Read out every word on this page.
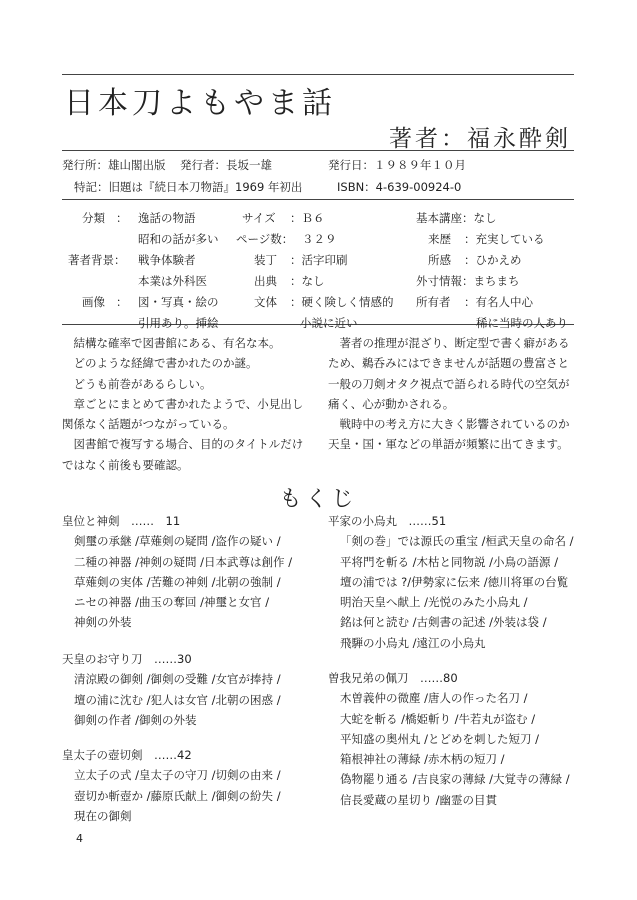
日本刀よもやま話
著者：福永酔剣
発行所：雄山閣出版 発行者：長坂一雄	発行日：１９８９年１０月
特記：旧題は『続日本刀物語』1969 年初出	ISBN：4-639-00924-0
分類 ： 逸話の物語
昭和の話が多い
著者背景： 戦争体験者
本業は外科医
画像 ： 図・写真・絵の
引用あり。挿絵
サイズ ：Ｂ６
ページ数： ３２９
装丁 ：活字印刷
出典 ：なし
文体 ：硬く険しく情感的
小説に近い
基本講座：なし
来歴 ：充実している
所感 ：ひかえめ
外寸情報：まちまち
所有者 ：有名人中心
稀に当時の人あり

結構な確率で図書館にある、有名な本。

どのような経緯で書かれたのか謎。

どうも前巻があるらしい。

章ごとにまとめて書かれたようで、小見出し

関係なく話題がつながっている。

図書館で複写する場合、目的のタイトルだけ

ではなく前後も要確認。

著者の推理が混ざり、断定型で書く癖がある

ため、鵜呑みにはできませんが話題の豊富さと

一般の刀剣オタク視点で語られる時代の空気が

痛く、心が動かされる。

戦時中の考え方に大きく影響されているのか

天皇・国・軍などの単語が頻繁に出てきます。

もくじ
皇位と神剣　……　11
剣璽の承継 /草薙剣の疑問 /盗作の疑い /
二種の神器 /神剣の疑問 /日本武尊は創作 /
草薙剣の実体 /苦難の神剣 /北朝の強制 /
ニセの神器 /曲玉の奪回 /神璽と女官 /
神剣の外装
天皇のお守り刀　……30
清涼殿の御剣 /御剣の受難 /女官が捧持 /
壇の浦に沈む /犯人は女官 /北朝の困惑 /
御剣の作者 /御剣の外装
皇太子の壺切剣　……42
立太子の式 /皇太子の守刀 /切剣の由来 /
壺切か斬壺か /藤原氏献上 /御剣の紛失 /
現在の御剣
平家の小烏丸　……51
「剣の巻」では源氏の重宝 /桓武天皇の命名 /
平将門を斬る /木枯と同物説 /小鳥の語源 /
壇の浦では ?/伊勢家に伝来 /徳川将軍の台覧
明治天皇へ献上 /光悦のみた小烏丸 /
銘は何と読む /古剣書の記述 /外装は袋 /
飛騨の小烏丸 /遠江の小烏丸
曽我兄弟の佩刀　……80
木曽義仲の微塵 /唐人の作った名刀 /
大蛇を斬る /橋姫斬り /牛若丸が盗む /
平知盛の奥州丸 /とどめを刺した短刀 /
箱根神社の薄緑 /赤木柄の短刀 /
偽物罷り通る /吉良家の薄緑 /大覚寺の薄緑 /
信長愛蔵の星切り /幽霊の目貫
4
